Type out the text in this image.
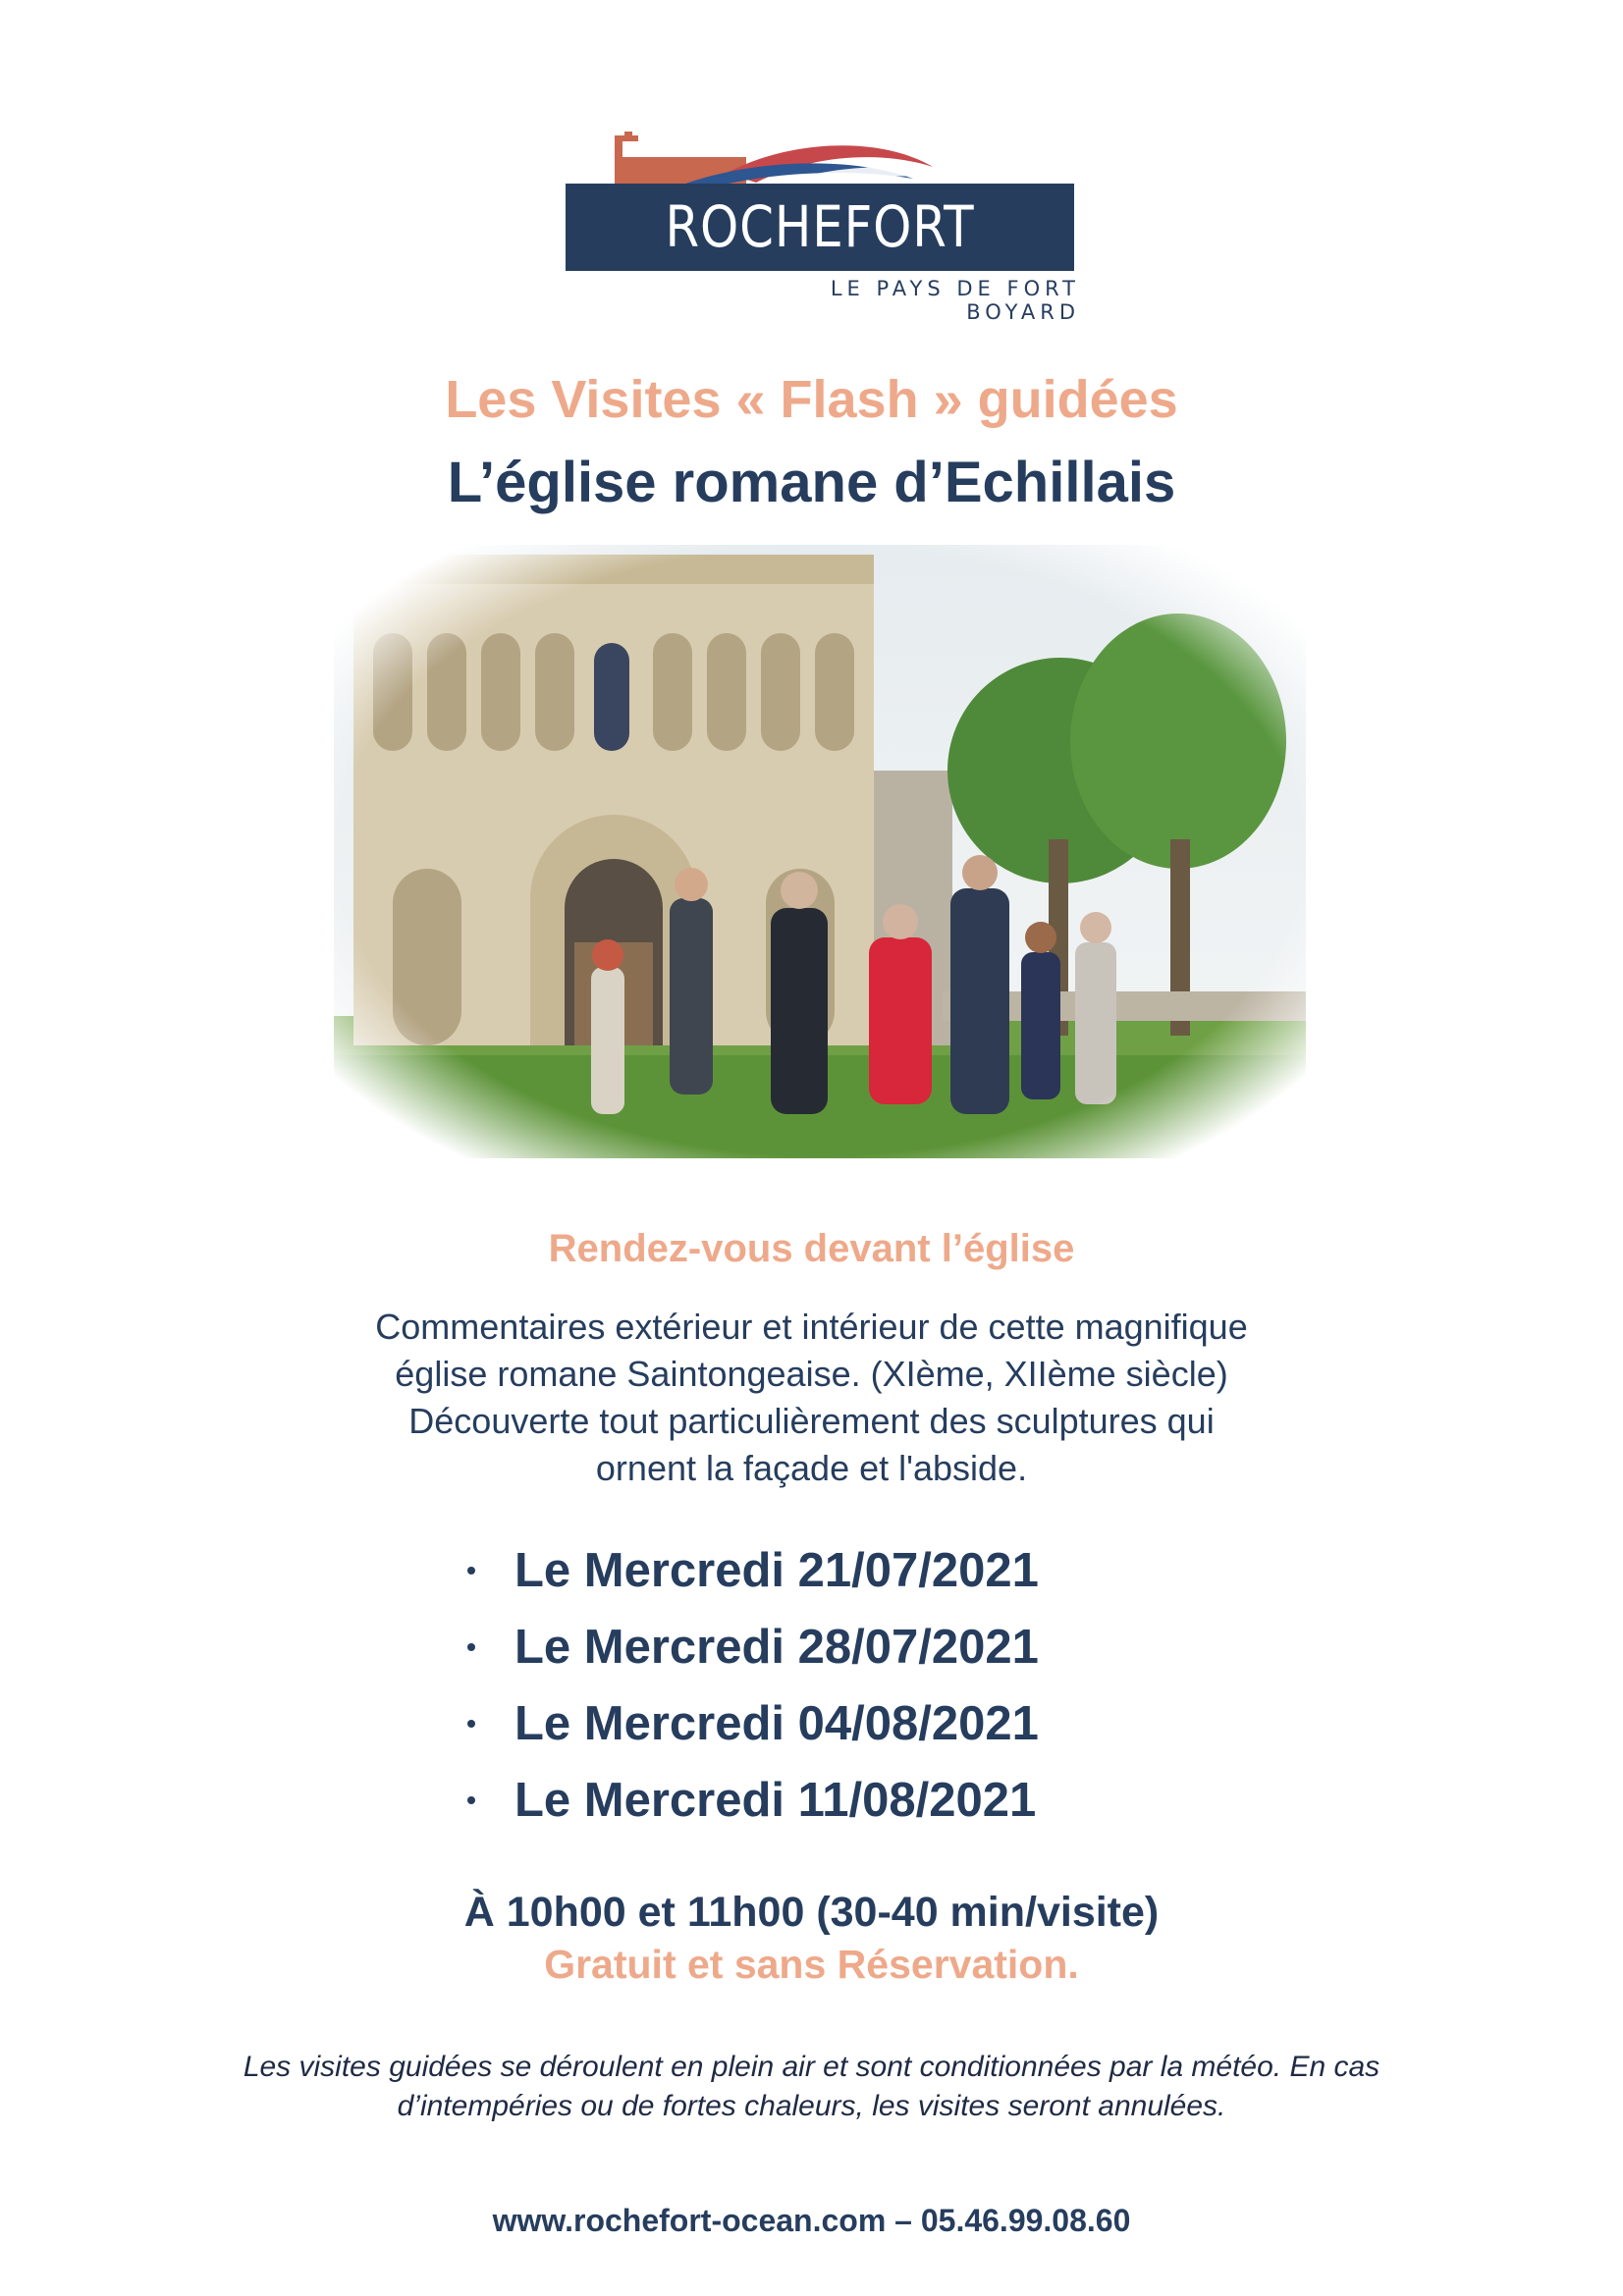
ROCHEFORT OCÉAN
LE PAYS DE FORT BOYARD
Les Visites « Flash » guidées
L’église romane d’Echillais
Rendez-vous devant l’église
Commentaires extérieur et intérieur de cette magnifique
église romane Saintongeaise. (XIème, XIIème siècle)
Découverte tout particulièrement des sculptures qui
ornent la façade et l'abside.
Le Mercredi 21/07/2021
Le Mercredi 28/07/2021
Le Mercredi 04/08/2021
Le Mercredi 11/08/2021
À 10h00 et 11h00 (30-40 min/visite)
Gratuit et sans Réservation.
Les visites guidées se déroulent en plein air et sont conditionnées par la météo. En cas
d’intempéries ou de fortes chaleurs, les visites seront annulées.
www.rochefort-ocean.com – 05.46.99.08.60
